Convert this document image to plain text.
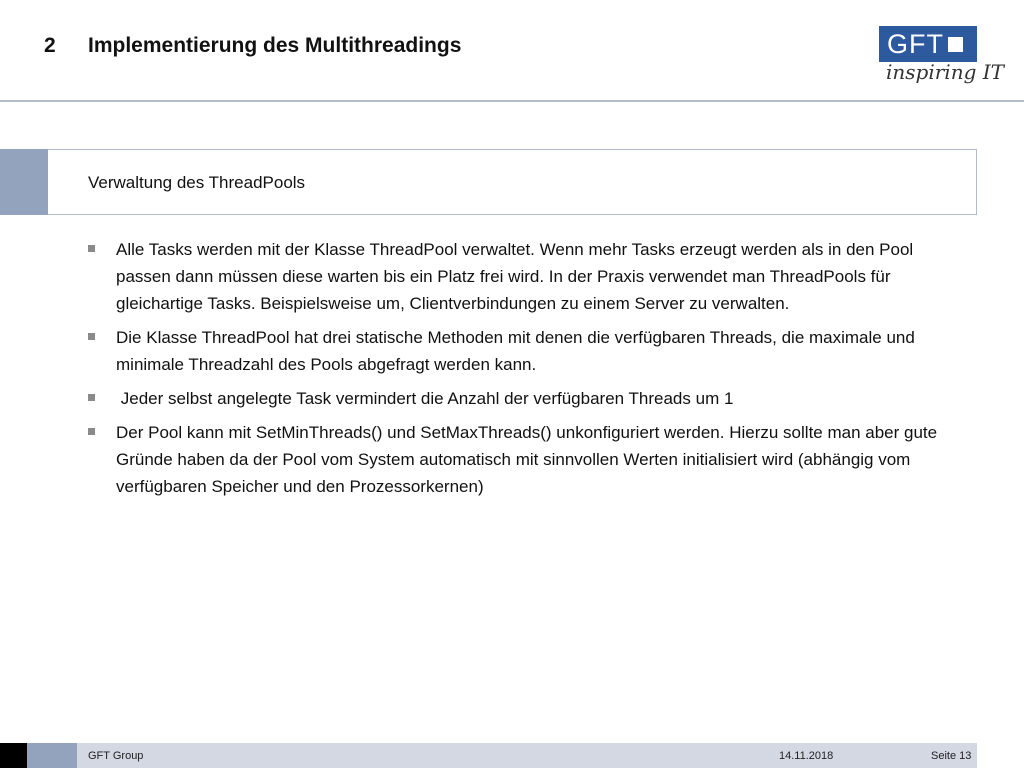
2 Implementierung des Multithreadings	GFT
inspiring IT
Verwaltung des ThreadPools
Alle Tasks werden mit der Klasse ThreadPool verwaltet. Wenn mehr Tasks erzeugt werden als in den Pool passen dann müssen diese warten bis ein Platz frei wird. In der Praxis verwendet man ThreadPools für gleichartige Tasks. Beispielsweise um, Clientverbindungen zu einem Server zu verwalten.
Die Klasse ThreadPool hat drei statische Methoden mit denen die verfügbaren Threads, die maximale und minimale Threadzahl des Pools abgefragt werden kann.
Jeder selbst angelegte Task vermindert die Anzahl der verfügbaren Threads um 1
Der Pool kann mit SetMinThreads() und SetMaxThreads() unkonfiguriert werden. Hierzu sollte man aber gute Gründe haben da der Pool vom System automatisch mit sinnvollen Werten initialisiert wird (abhängig vom verfügbaren Speicher und den Prozessorkernen)
GFT Group	14.11.2018	Seite 13
